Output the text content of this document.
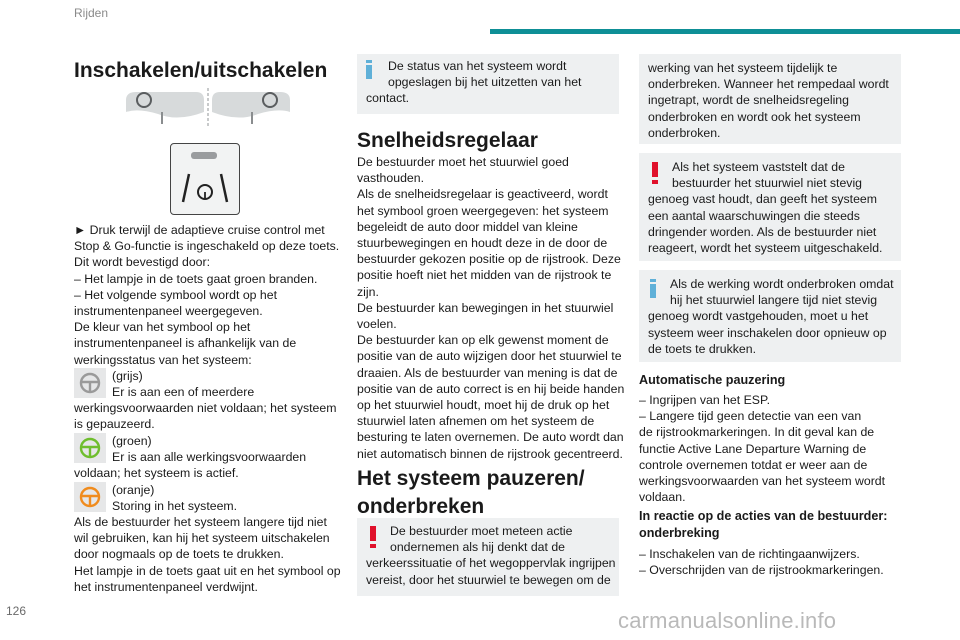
Rijden
Inschakelen/uitschakelen
► Druk terwijl de adaptieve cruise control met
Stop & Go-functie is ingeschakeld op deze toets.
Dit wordt bevestigd door:
– Het lampje in de toets gaat groen branden.
– Het volgende symbool wordt op het
instrumentenpaneel weergegeven.
De kleur van het symbool op het
instrumentenpaneel is afhankelijk van de
werkingsstatus van het systeem:
(grijs)
Er is aan een of meerdere
werkingsvoorwaarden niet voldaan; het systeem
is gepauzeerd.
(groen)
Er is aan alle werkingsvoorwaarden
voldaan; het systeem is actief.
(oranje)
Storing in het systeem.
Als de bestuurder het systeem langere tijd niet
wil gebruiken, kan hij het systeem uitschakelen
door nogmaals op de toets te drukken.
Het lampje in de toets gaat uit en het symbool op
het instrumentenpaneel verdwijnt.
De status van het systeem wordt
opgeslagen bij het uitzetten van het
contact.
Snelheidsregelaar
De bestuurder moet het stuurwiel goed
vasthouden.
Als de snelheidsregelaar is geactiveerd, wordt
het symbool groen weergegeven: het systeem
begeleidt de auto door middel van kleine
stuurbewegingen en houdt deze in de door de
bestuurder gekozen positie op de rijstrook. Deze
positie hoeft niet het midden van de rijstrook te
zijn.
De bestuurder kan bewegingen in het stuurwiel
voelen.
De bestuurder kan op elk gewenst moment de
positie van de auto wijzigen door het stuurwiel te
draaien. Als de bestuurder van mening is dat de
positie van de auto correct is en hij beide handen
op het stuurwiel houdt, moet hij de druk op het
stuurwiel laten afnemen om het systeem de
besturing te laten overnemen. De auto wordt dan
niet automatisch binnen de rijstrook gecentreerd.
Het systeem pauzeren/
onderbreken
De bestuurder moet meteen actie
ondernemen als hij denkt dat de
verkeerssituatie of het wegoppervlak ingrijpen
vereist, door het stuurwiel te bewegen om de
werking van het systeem tijdelijk te
onderbreken. Wanneer het rempedaal wordt
ingetrapt, wordt de snelheidsregeling
onderbroken en wordt ook het systeem
onderbroken.
Als het systeem vaststelt dat de
bestuurder het stuurwiel niet stevig
genoeg vast houdt, dan geeft het systeem
een aantal waarschuwingen die steeds
dringender worden. Als de bestuurder niet
reageert, wordt het systeem uitgeschakeld.
Als de werking wordt onderbroken omdat
hij het stuurwiel langere tijd niet stevig
genoeg wordt vastgehouden, moet u het
systeem weer inschakelen door opnieuw op
de toets te drukken.
Automatische pauzering
– Ingrijpen van het ESP.
– Langere tijd geen detectie van een van
de rijstrookmarkeringen. In dit geval kan de
functie Active Lane Departure Warning de
controle overnemen totdat er weer aan de
werkingsvoorwaarden van het systeem wordt
voldaan.
In reactie op de acties van de bestuurder:
onderbreking
– Inschakelen van de richtingaanwijzers.
– Overschrijden van de rijstrookmarkeringen.
126	carmanualsonline.info
